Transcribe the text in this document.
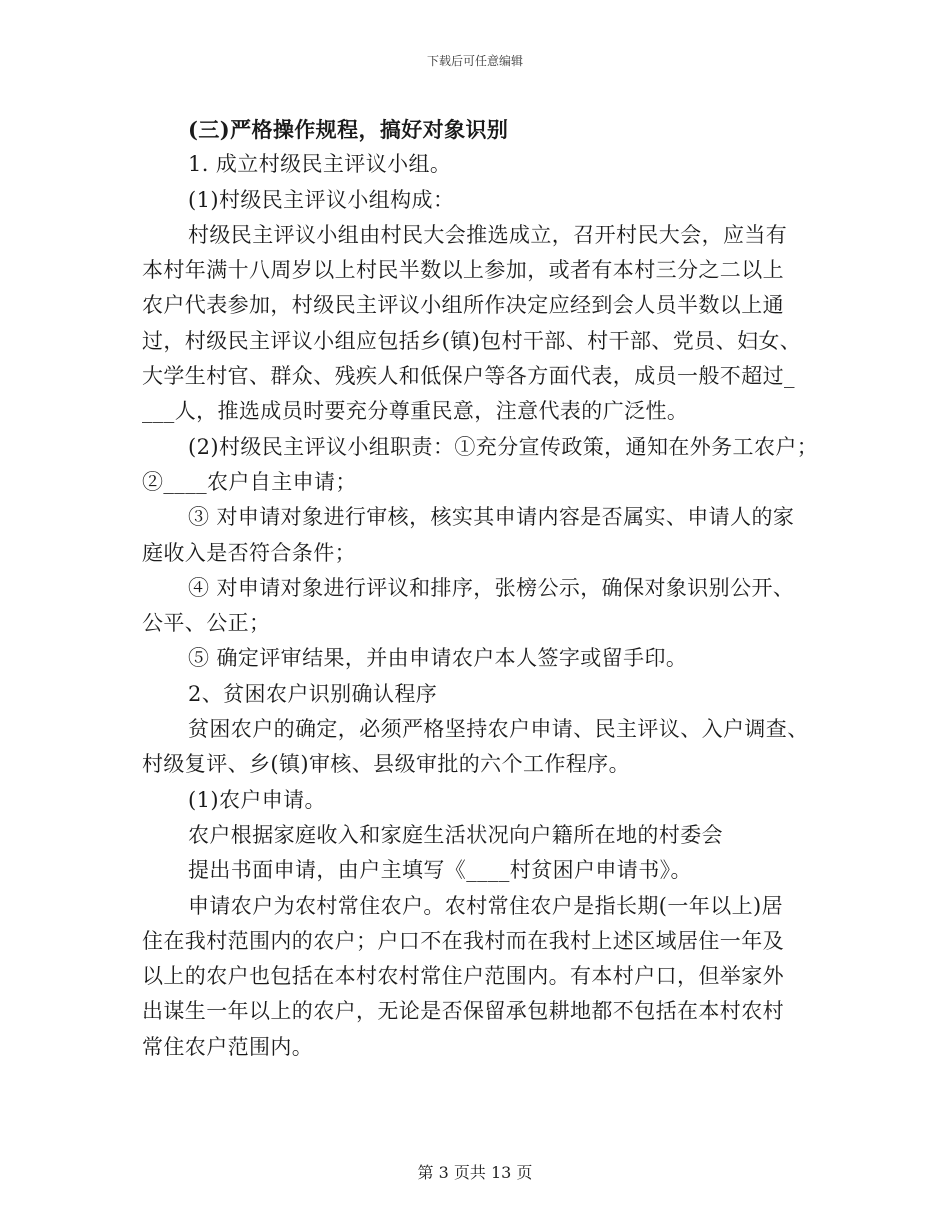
下载后可任意编辑
(三)严格操作规程，搞好对象识别
1. 成立村级民主评议小组。
(1)村级民主评议小组构成：
村级民主评议小组由村民大会推选成立，召开村民大会，应当有
本村年满十八周岁以上村民半数以上参加，或者有本村三分之二以上
农户代表参加，村级民主评议小组所作决定应经到会人员半数以上通
过，村级民主评议小组应包括乡(镇)包村干部、村干部、党员、妇女、
大学生村官、群众、残疾人和低保户等各方面代表，成员一般不超过_
___人，推选成员时要充分尊重民意，注意代表的广泛性。
(2)村级民主评议小组职责：①充分宣传政策，通知在外务工农户；
②____农户自主申请；
③ 对申请对象进行审核，核实其申请内容是否属实、申请人的家
庭收入是否符合条件；
④ 对申请对象进行评议和排序，张榜公示，确保对象识别公开、
公平、公正；
⑤ 确定评审结果，并由申请农户本人签字或留手印。
2、贫困农户识别确认程序
贫困农户的确定，必须严格坚持农户申请、民主评议、入户调查、
村级复评、乡(镇)审核、县级审批的六个工作程序。
(1)农户申请。
农户根据家庭收入和家庭生活状况向户籍所在地的村委会
提出书面申请，由户主填写《____村贫困户申请书》。
申请农户为农村常住农户。农村常住农户是指长期(一年以上)居
住在我村范围内的农户；户口不在我村而在我村上述区域居住一年及
以上的农户也包括在本村农村常住户范围内。有本村户口，但举家外
出谋生一年以上的农户，无论是否保留承包耕地都不包括在本村农村
常住农户范围内。
第 3 页共 13 页
